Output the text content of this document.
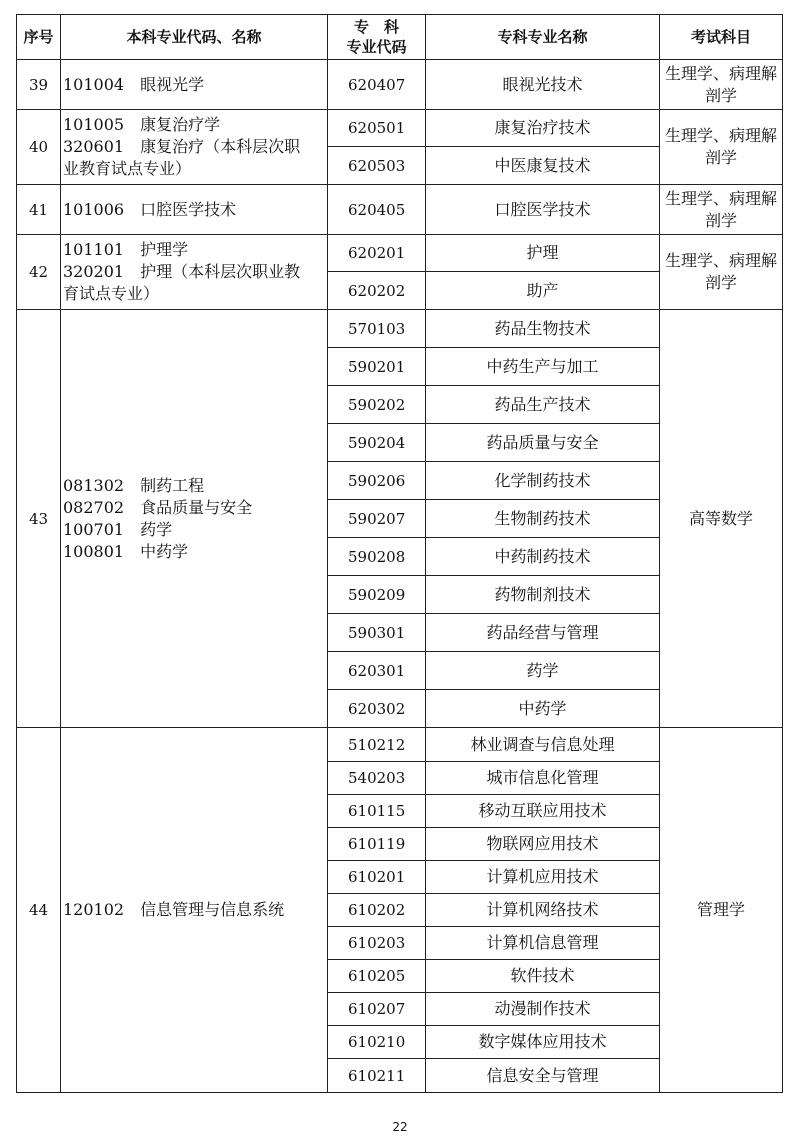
序号	本科专业代码、名称	专　科
专业代码	专科专业名称	考试科目
39	101004　眼视光学	620407	眼视光技术	生理学、病理解剖学
40	101005　康复治疗学
320601　康复治疗（本科层次职
业教育试点专业）	620501	康复治疗技术	生理学、病理解剖学
		620503	中医康复技术	
41	101006　口腔医学技术	620405	口腔医学技术	生理学、病理解剖学
42	101101　护理学
320201　护理（本科层次职业教
育试点专业）	620201	护理	生理学、病理解剖学
		620202	助产	
43	081302　制药工程
082702　食品质量与安全
100701　药学
100801　中药学	570103	药品生物技术	高等数学
		590201	中药生产与加工	
		590202	药品生产技术	
		590204	药品质量与安全	
		590206	化学制药技术	
		590207	生物制药技术	
		590208	中药制药技术	
		590209	药物制剂技术	
		590301	药品经营与管理	
		620301	药学	
		620302	中药学	
44	120102　信息管理与信息系统	510212	林业调查与信息处理	管理学
		540203	城市信息化管理	
		610115	移动互联应用技术	
		610119	物联网应用技术	
		610201	计算机应用技术	
		610202	计算机网络技术	
		610203	计算机信息管理	
		610205	软件技术	
		610207	动漫制作技术	
		610210	数字媒体应用技术	
		610211	信息安全与管理	
22
